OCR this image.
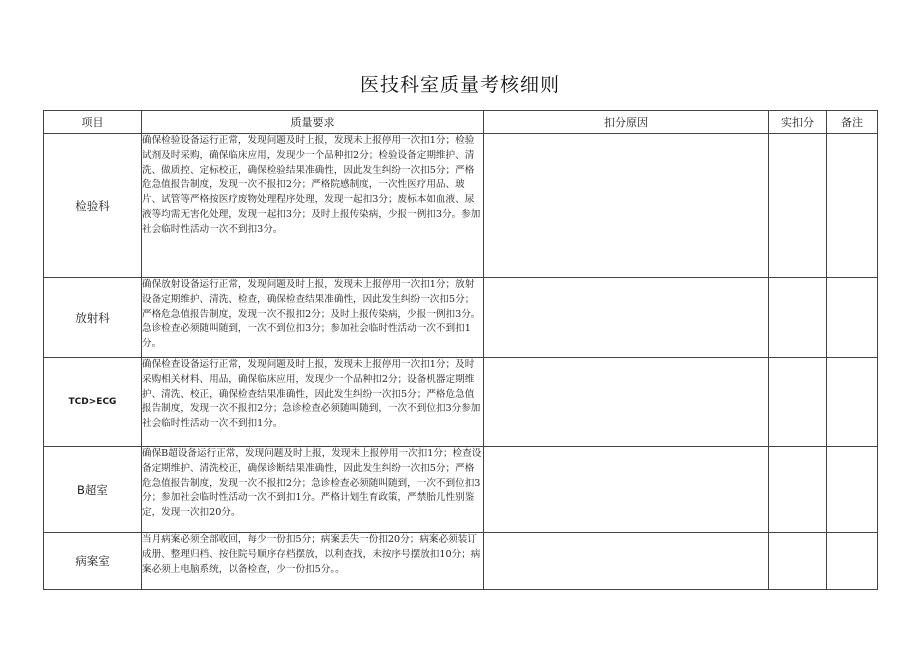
医技科室质量考核细则
项目	质量要求	扣分原因	实扣分	备注
检验科	确保检验设备运行正常，发现问题及时上报，发现未上报停用一次扣1分；检验试剂及时采购，确保临床应用，发现少一个品种扣2分；检验设备定期维护、清洗、做质控、定标校正，确保检验结果准确性，因此发生纠纷一次扣5分；严格危急值报告制度，发现一次不报扣2分；严格院感制度，一次性医疗用品、玻片、试管等严格按医疗废物处理程序处理，发现一起扣3分；废标本如血液、尿液等均需无害化处理，发现一起扣3分；及时上报传染病，少报一例扣3分。参加社会临时性活动一次不到扣3分。			
放射科	确保放射设备运行正常，发现问题及时上报，发现未上报停用一次扣1分；放射设备定期维护、清洗、检查，确保检查结果准确性，因此发生纠纷一次扣5分；严格危急值报告制度，发现一次不报扣2分；及时上报传染病，少报一例扣3分。急诊检查必须随叫随到，一次不到位扣3分；参加社会临时性活动一次不到扣1分。			
TCD>ECG	确保检查设备运行正常，发现问题及时上报，发现未上报停用一次扣1分；及时采购相关材料、用品，确保临床应用，发现少一个品种扣2分；设备机器定期维护、清洗、校正，确保检查结果准确性，因此发生纠纷一次扣5分；严格危急值报告制度，发现一次不报扣2分；急诊检查必须随叫随到，一次不到位扣3分参加社会临时性活动一次不到扣1分。			
B超室	确保B超设备运行正常，发现问题及时上报，发现未上报停用一次扣1分；检查设备定期维护、清洗校正，确保诊断结果准确性，因此发生纠纷一次扣5分；严格危急值报告制度，发现一次不报扣2分；急诊检查必须随叫随到，一次不到位扣3分；参加社会临时性活动一次不到扣1分。严格计划生育政策，严禁胎儿性别鉴定，发现一次扣20分。			
病案室	当月病案必须全部收回，每少一份扣5分；病案丢失一份扣20分；病案必须装订成册、整理归档、按住院号顺序存档摆放，以利查找，未按序号摆放扣10分；病案必须上电脑系统，以备检查，少一份扣5分。。			
